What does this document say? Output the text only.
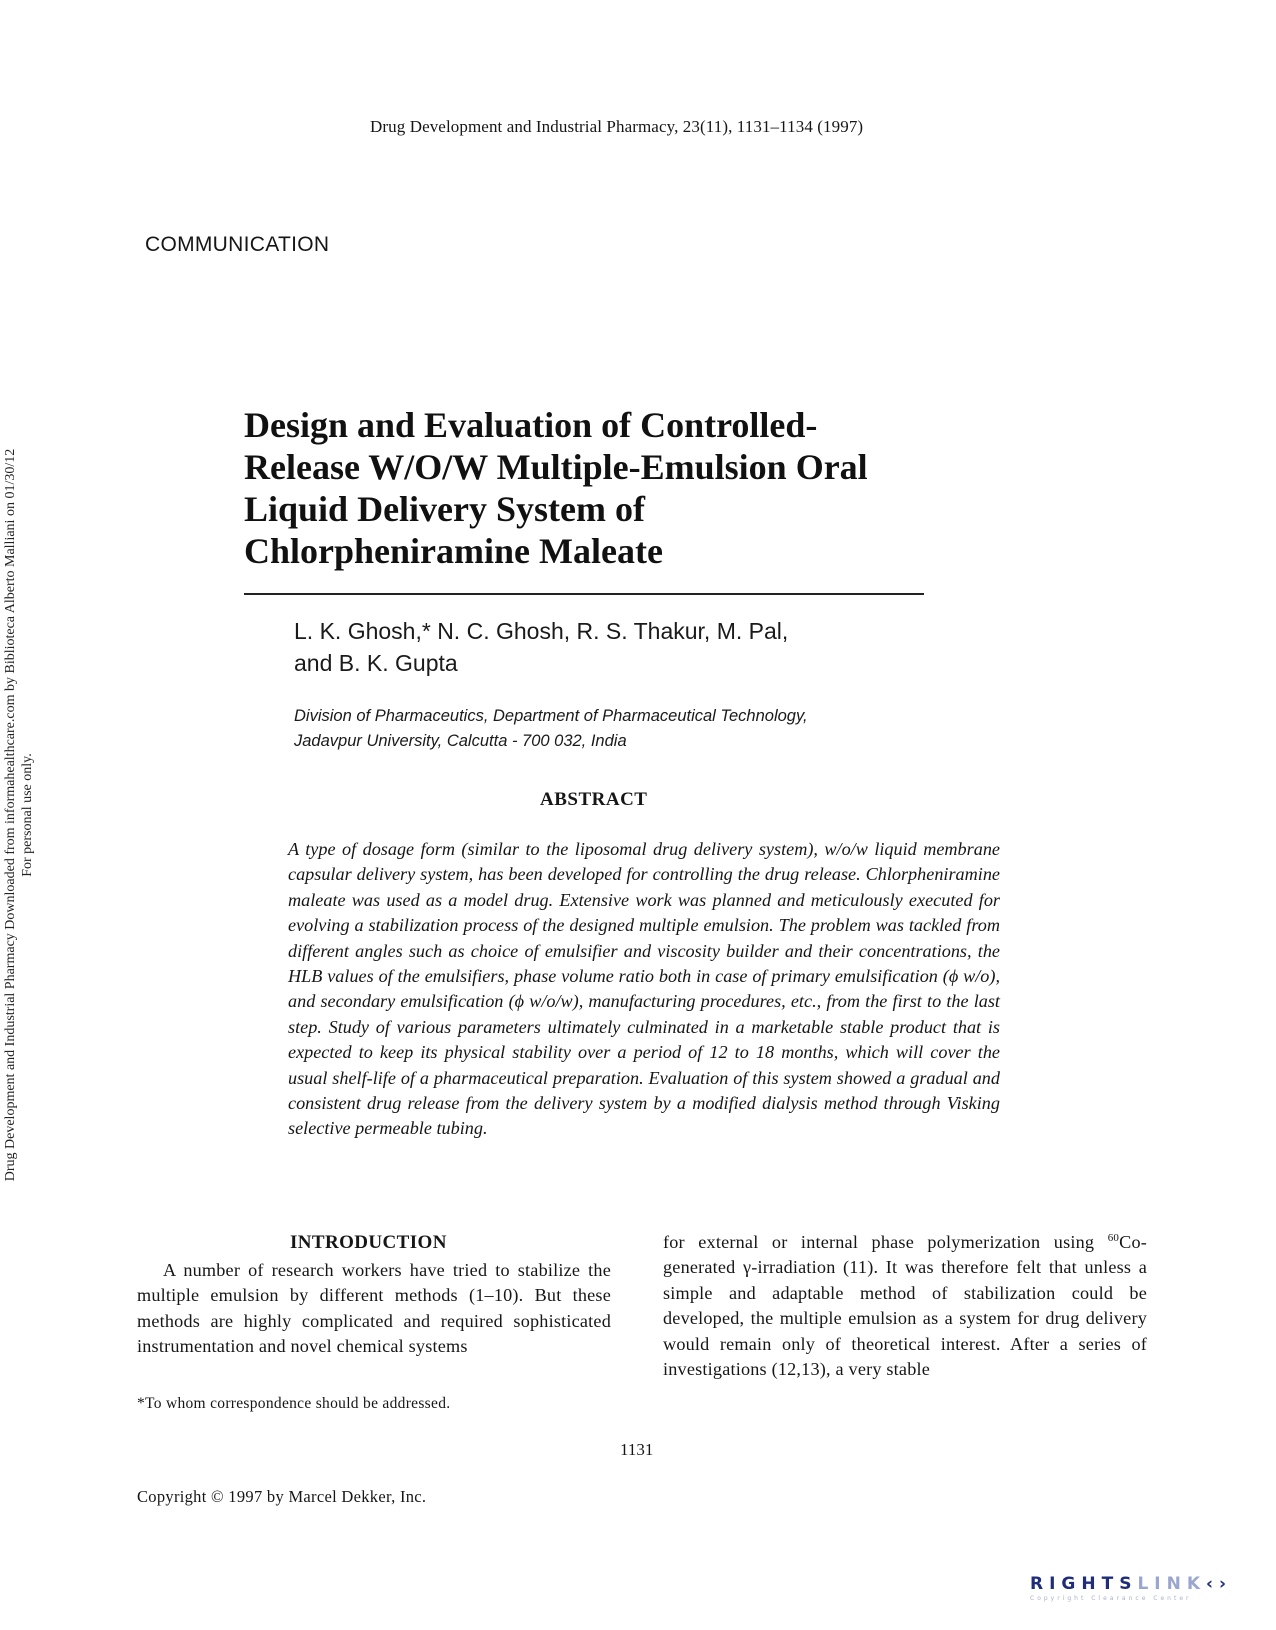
Drug Development and Industrial Pharmacy, 23(11), 1131–1134 (1997)
COMMUNICATION
Drug Development and Industrial Pharmacy Downloaded from informahealthcare.com by Biblioteca Alberto Malliani on 01/30/12 For personal use only.
Design and Evaluation of Controlled-
Release W/O/W Multiple-Emulsion Oral
Liquid Delivery System of
Chlorpheniramine Maleate
L. K. Ghosh,* N. C. Ghosh, R. S. Thakur, M. Pal,
and B. K. Gupta
Division of Pharmaceutics, Department of Pharmaceutical Technology,
Jadavpur University, Calcutta - 700 032, India
ABSTRACT
A type of dosage form (similar to the liposomal drug delivery system), w/o/w liquid membrane capsular delivery system, has been developed for controlling the drug release. Chlorpheniramine maleate was used as a model drug. Extensive work was planned and meticulously executed for evolving a stabilization process of the designed multiple emulsion. The problem was tackled from different angles such as choice of emulsifier and viscosity builder and their concentrations, the HLB values of the emulsifiers, phase volume ratio both in case of primary emulsification (ϕ w/o), and secondary emulsification (ϕ w/o/w), manufacturing procedures, etc., from the first to the last step. Study of various parameters ultimately culminated in a marketable stable product that is expected to keep its physical stability over a period of 12 to 18 months, which will cover the usual shelf-life of a pharmaceutical preparation. Evaluation of this system showed a gradual and consistent drug release from the delivery system by a modified dialysis method through Visking selective permeable tubing.
INTRODUCTION

A number of research workers have tried to stabilize the multiple emulsion by different methods (1–10). But these methods are highly complicated and required sophisticated instrumentation and novel chemical systems

for external or internal phase polymerization using $^{60}$Co-generated γ-irradiation (11). It was therefore felt that unless a simple and adaptable method of stabilization could be developed, the multiple emulsion as a system for drug delivery would remain only of theoretical interest. After a series of investigations (12,13), a very stable

*To whom correspondence should be addressed.
1131
Copyright © 1997 by Marcel Dekker, Inc.
RIGHTSLINK‹›
Copyright Clearance Center
